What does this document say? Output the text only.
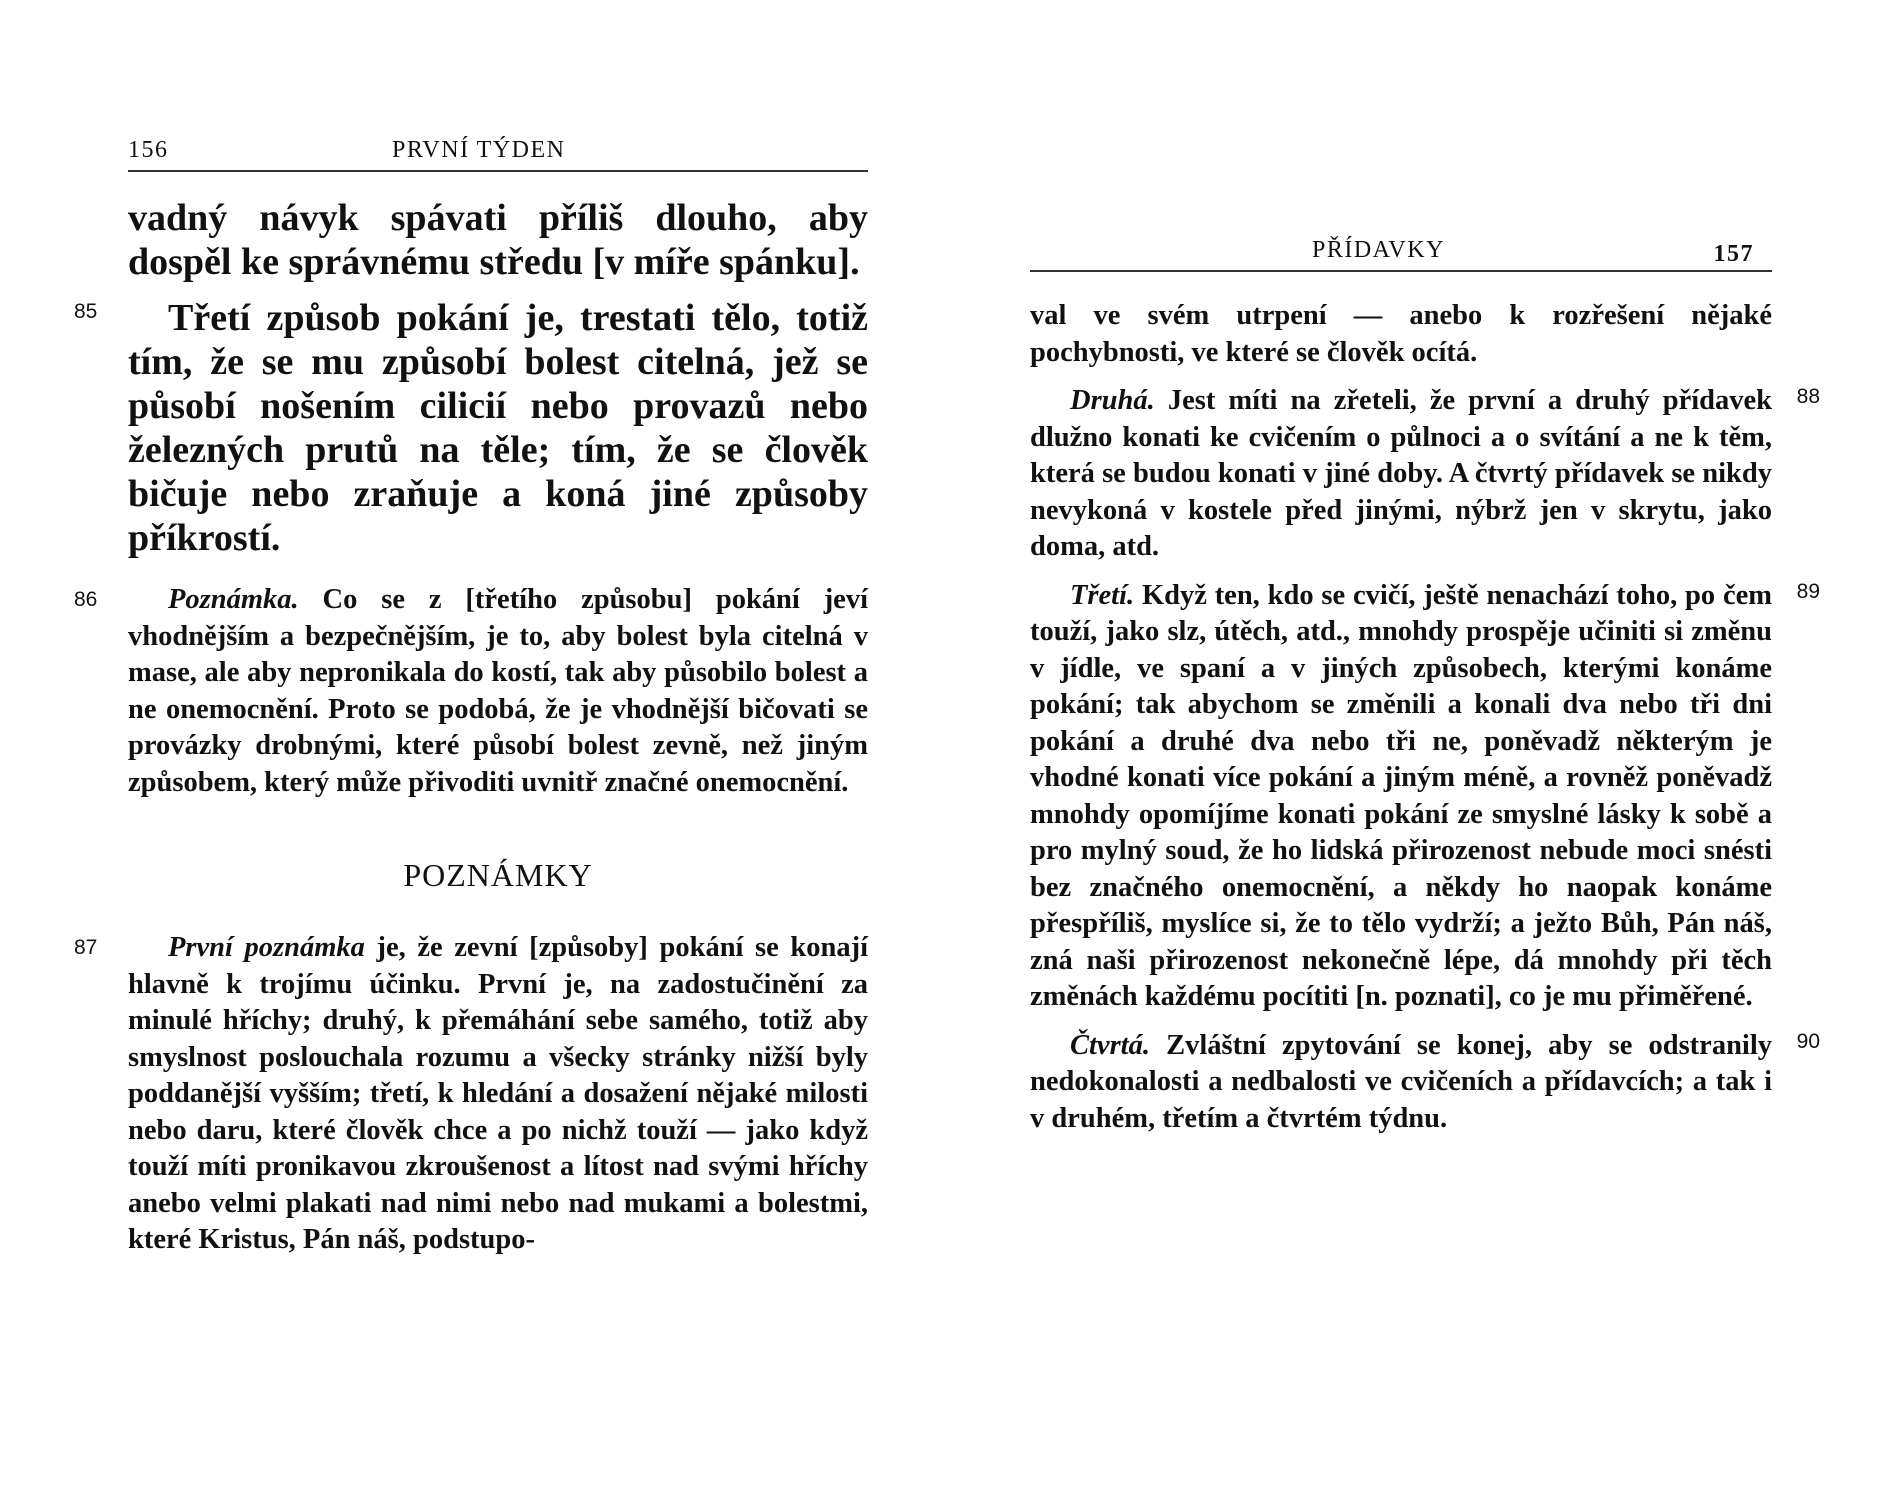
156	PRVNÍ TÝDEN

vadný návyk spávati příliš dlouho, aby dospěl ke správnému středu [v míře spánku].

85	Třetí způsob pokání je, trestati tělo, totiž tím, že se mu způsobí bolest citelná, jež se působí nošením cilicií nebo provazů nebo železných prutů na těle; tím, že se člověk bičuje nebo zraňuje a koná jiné způsoby příkrostí.

86	Poznámka. Co se z [třetího způsobu] pokání jeví vhodnějším a bezpečnějším, je to, aby bolest byla citelná v mase, ale aby nepronikala do kostí, tak aby působilo bolest a ne onemocnění. Proto se podobá, že je vhodnější bičovati se provázky drobnými, které působí bolest zevně, než jiným způsobem, který může přivoditi uvnitř značné onemocnění.

POZNÁMKY
87	První poznámka je, že zevní [způsoby] pokání se konají hlavně k trojímu účinku. První je, na zadostučinění za minulé hříchy; druhý, k přemáhání sebe samého, totiž aby smyslnost poslouchala rozumu a všecky stránky nižší byly poddanější vyšším; třetí, k hledání a dosažení nějaké milosti nebo daru, které člověk chce a po nichž touží — jako když touží míti pronikavou zkroušenost a lítost nad svými hříchy anebo velmi plakati nad nimi nebo nad mukami a bolestmi, které Kristus, Pán náš, podstupo-

PŘÍDAVKY	157

val ve svém utrpení — anebo k rozřešení nějaké pochybnosti, ve které se člověk ocítá.

88

Druhá. Jest míti na zřeteli, že první a druhý přídavek dlužno konati ke cvičením o půlnoci a o svítání a ne k těm, která se budou konati v jiné doby. A čtvrtý přídavek se nikdy nevykoná v kostele před jinými, nýbrž jen v skrytu, jako doma, atd.

89

Třetí. Když ten, kdo se cvičí, ještě nenachází toho, po čem touží, jako slz, útěch, atd., mnohdy prospěje učiniti si změnu v jídle, ve spaní a v jiných způsobech, kterými konáme pokání; tak abychom se změnili a konali dva nebo tři dni pokání a druhé dva nebo tři ne, poněvadž některým je vhodné konati více pokání a jiným méně, a rovněž poněvadž mnohdy opomíjíme konati pokání ze smyslné lásky k sobě a pro mylný soud, že ho lidská přirozenost nebude moci snésti bez značného onemocnění, a někdy ho naopak konáme přespříliš, myslíce si, že to tělo vydrží; a ježto Bůh, Pán náš, zná naši přirozenost nekonečně lépe, dá mnohdy při těch změnách každému pocítiti [n. poznati], co je mu přiměřené.

90

Čtvrtá. Zvláštní zpytování se konej, aby se odstranily nedokonalosti a nedbalosti ve cvičeních a přídavcích; a tak i v druhém, třetím a čtvrtém týdnu.
